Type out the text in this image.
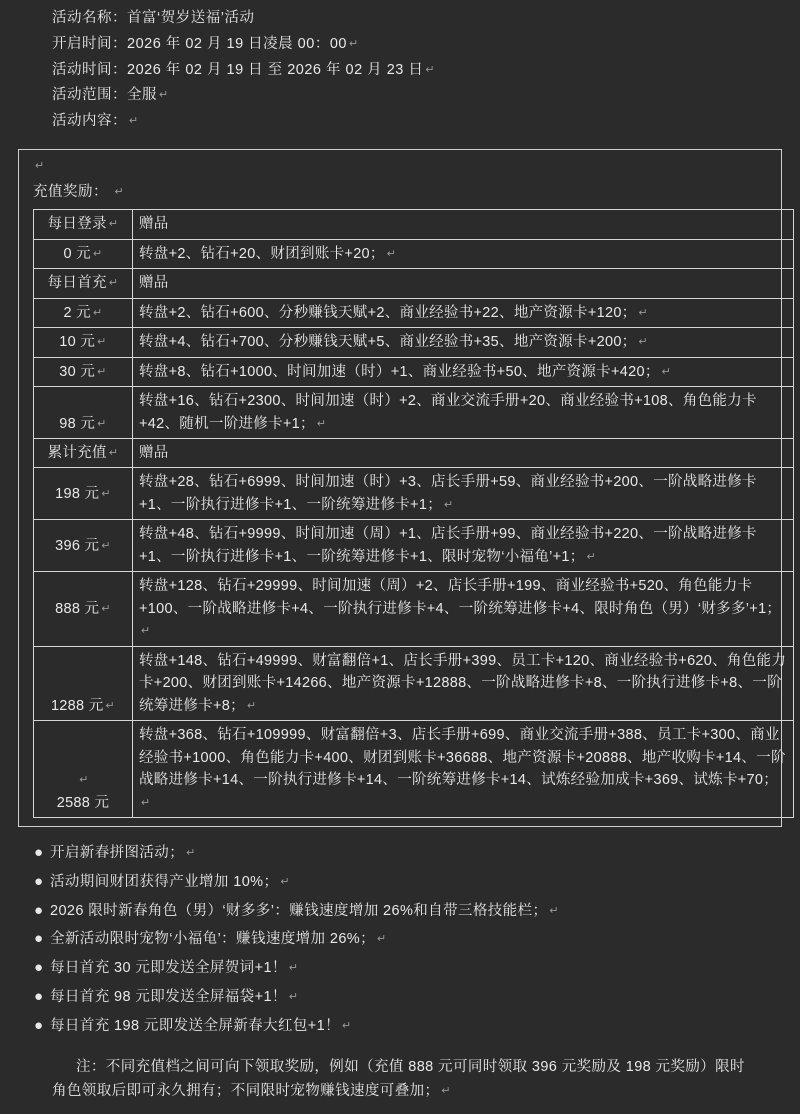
活动名称： 首富‘贺岁送福’活动
开启时间： 2026 年 02 月 19 日凌晨 00：00 ↵
活动时间： 2026 年 02 月 19 日 至 2026 年 02 月 23 日 ↵
活动范围： 全服 ↵
活动内容： ↵
↵
充值奖励： ↵
每日登录 ↵	赠品
0 元 ↵	转盘+2、钻石+20、财团到账卡+20； ↵
每日首充 ↵	赠品
2 元 ↵	转盘+2、钻石+600、分秒赚钱天赋+2、商业经验书+22、地产资源卡+120； ↵
10 元 ↵	转盘+4、钻石+700、分秒赚钱天赋+5、商业经验书+35、地产资源卡+200； ↵
30 元 ↵	转盘+8、钻石+1000、时间加速（时）+1、商业经验书+50、地产资源卡+420； ↵
98 元 ↵	转盘+16、钻石+2300、时间加速（时）+2、商业交流手册+20、商业经验书+108、角色能力卡+42、随机一阶进修卡+1； ↵
累计充值 ↵	赠品
198 元 ↵	转盘+28、钻石+6999、时间加速（时）+3、店长手册+59、商业经验书+200、一阶战略进修卡+1、一阶执行进修卡+1、一阶统筹进修卡+1； ↵
396 元 ↵	转盘+48、钻石+9999、时间加速（周）+1、店长手册+99、商业经验书+220、一阶战略进修卡+1、一阶执行进修卡+1、一阶统筹进修卡+1、限时宠物‘小福龟’+1； ↵
888 元 ↵	转盘+128、钻石+29999、时间加速（周）+2、店长手册+199、商业经验书+520、角色能力卡+100、一阶战略进修卡+4、一阶执行进修卡+4、一阶统筹进修卡+4、限时角色（男）‘财多多’+1；↵
1288 元 ↵	转盘+148、钻石+49999、财富翻倍+1、店长手册+399、员工卡+120、商业经验书+620、角色能力卡+200、财团到账卡+14266、地产资源卡+12888、一阶战略进修卡+8、一阶执行进修卡+8、一阶统筹进修卡+8； ↵
↵
2588 元	转盘+368、钻石+109999、财富翻倍+3、店长手册+699、商业交流手册+388、员工卡+300、商业经验书+1000、角色能力卡+400、财团到账卡+36688、地产资源卡+20888、地产收购卡+14、一阶战略进修卡+14、一阶执行进修卡+14、一阶统筹进修卡+14、试炼经验加成卡+369、试炼卡+70；↵
● 开启新春拼图活动； ↵
● 活动期间财团获得产业增加 10%； ↵
● 2026 限时新春角色（男）‘财多多’：赚钱速度增加 26%和自带三格技能栏； ↵
● 全新活动限时宠物‘小福龟’：赚钱速度增加 26%； ↵
● 每日首充 30 元即发送全屏贺词+1！ ↵
● 每日首充 98 元即发送全屏福袋+1！ ↵
● 每日首充 198 元即发送全屏新春大红包+1！ ↵
注：不同充值档之间可向下领取奖励，例如（充值 888 元可同时领取 396 元奖励及 198 元奖励）限时角色领取后即可永久拥有；不同限时宠物赚钱速度可叠加； ↵
